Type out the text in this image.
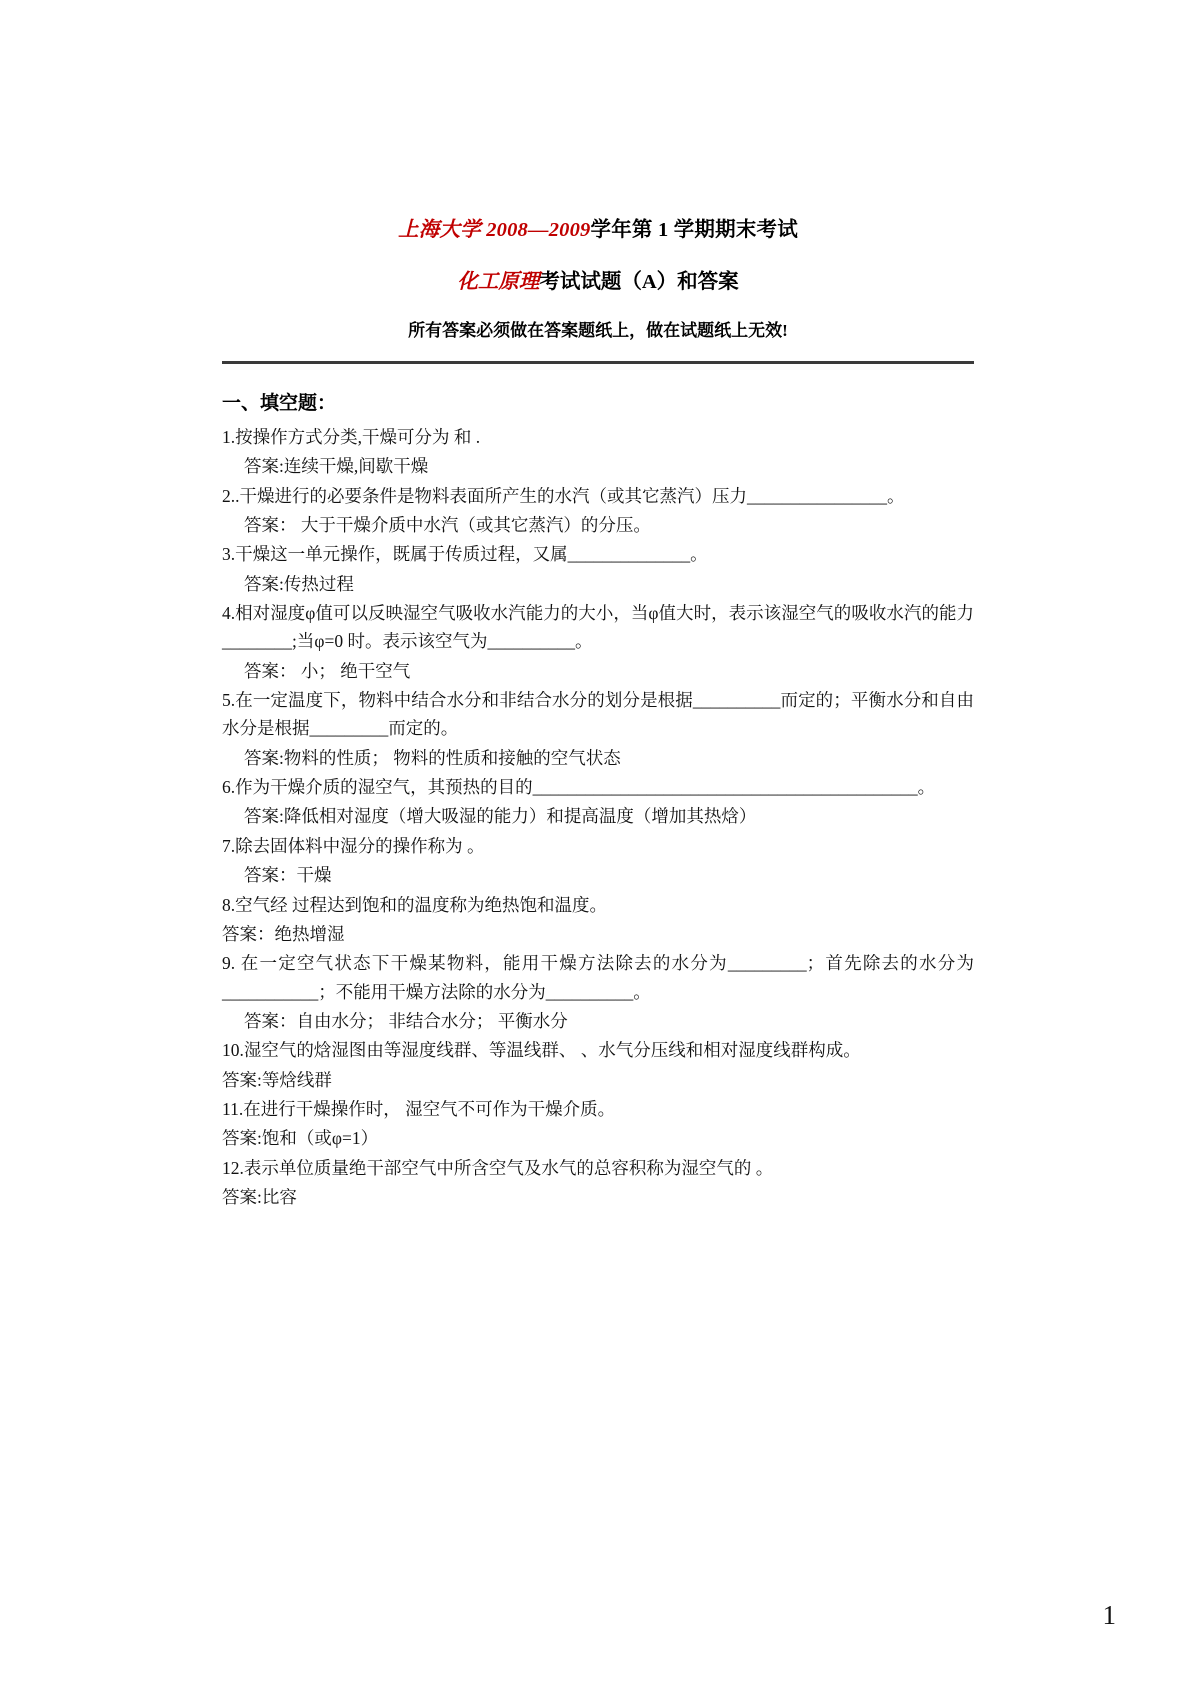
上海大学 2008—2009学年第 1 学期期末考试
化工原理考试试题（A）和答案
所有答案必须做在答案题纸上，做在试题纸上无效!
一、填空题：
1.按操作方式分类,干燥可分为 和 .
答案:连续干燥,间歇干燥
2..干燥进行的必要条件是物料表面所产生的水汽（或其它蒸汽）压力________________。
答案： 大于干燥介质中水汽（或其它蒸汽）的分压。
3.干燥这一单元操作，既属于传质过程，又属______________。
答案:传热过程
4.相对湿度φ值可以反映湿空气吸收水汽能力的大小，当φ值大时，表示该湿空气的吸收水汽的能力________;当φ=0 时。表示该空气为__________。
答案： 小； 绝干空气
5.在一定温度下，物料中结合水分和非结合水分的划分是根据__________而定的；平衡水分和自由水分是根据_________而定的。
答案:物料的性质； 物料的性质和接触的空气状态
6.作为干燥介质的湿空气，其预热的目的____________________________________________。
答案:降低相对湿度（增大吸湿的能力）和提高温度（增加其热焓）
7.除去固体料中湿分的操作称为 。
答案：干燥
8.空气经 过程达到饱和的温度称为绝热饱和温度。
答案：绝热增湿
9. 在一定空气状态下干燥某物料，能用干燥方法除去的水分为_________；首先除去的水分为___________；不能用干燥方法除的水分为__________。
答案：自由水分； 非结合水分； 平衡水分
10.湿空气的焓湿图由等湿度线群、等温线群、 、水气分压线和相对湿度线群构成。
答案:等焓线群
11.在进行干燥操作时， 湿空气不可作为干燥介质。
答案:饱和（或φ=1）
12.表示单位质量绝干部空气中所含空气及水气的总容积称为湿空气的 。
答案:比容
1
